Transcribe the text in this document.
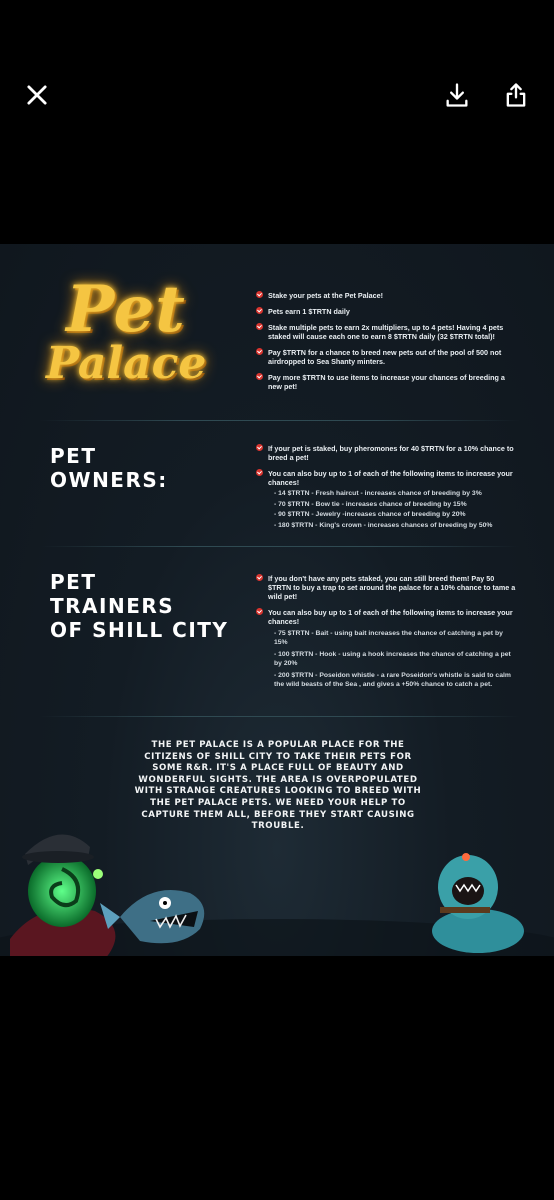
Pet
Palace
Stake your pets at the Pet Palace!
Pets earn 1 $TRTN daily
Stake multiple pets to earn 2x multipliers, up to 4 pets! Having 4 pets staked will cause each one to earn 8 $TRTN daily (32 $TRTN total)!
Pay $TRTN for a chance to breed new pets out of the pool of 500 not airdropped to Sea Shanty minters.
Pay more $TRTN to use items to increase your chances of breeding a new pet!
PET
OWNERS:
If your pet is staked, buy pheromones for 40 $TRTN for a 10% chance to breed a pet!
You can also buy up to 1 of each of the following items to increase your chances!
- 14 $TRTN - Fresh haircut - increases chance of breeding by 3%
- 70 $TRTN - Bow tie - increases chance of breeding by 15%
- 90 $TRTN - Jewelry -increases chance of breeding by 20%
- 180 $TRTN - King's crown - increases chances of breeding by 50%
PET
TRAINERS
OF SHILL CITY
If you don't have any pets staked, you can still breed them! Pay 50 $TRTN to buy a trap to set around the palace for a 10% chance to tame a wild pet!
You can also buy up to 1 of each of the following items to increase your chances!
- 75 $TRTN - Bait - using bait increases the chance of catching a pet by 15%
- 100 $TRTN - Hook - using a hook increases the chance of catching a pet by 20%
- 200 $TRTN - Poseidon whistle - a rare Poseidon's whistle is said to calm the wild beasts of the Sea , and gives a +50% chance to catch a pet.
THE PET PALACE IS A POPULAR PLACE FOR THE CITIZENS OF SHILL CITY TO TAKE THEIR PETS FOR SOME R&R. IT'S A PLACE FULL OF BEAUTY AND WONDERFUL SIGHTS. THE AREA IS OVERPOPULATED WITH STRANGE CREATURES LOOKING TO BREED WITH THE PET PALACE PETS. WE NEED YOUR HELP TO CAPTURE THEM ALL, BEFORE THEY START CAUSING TROUBLE.
